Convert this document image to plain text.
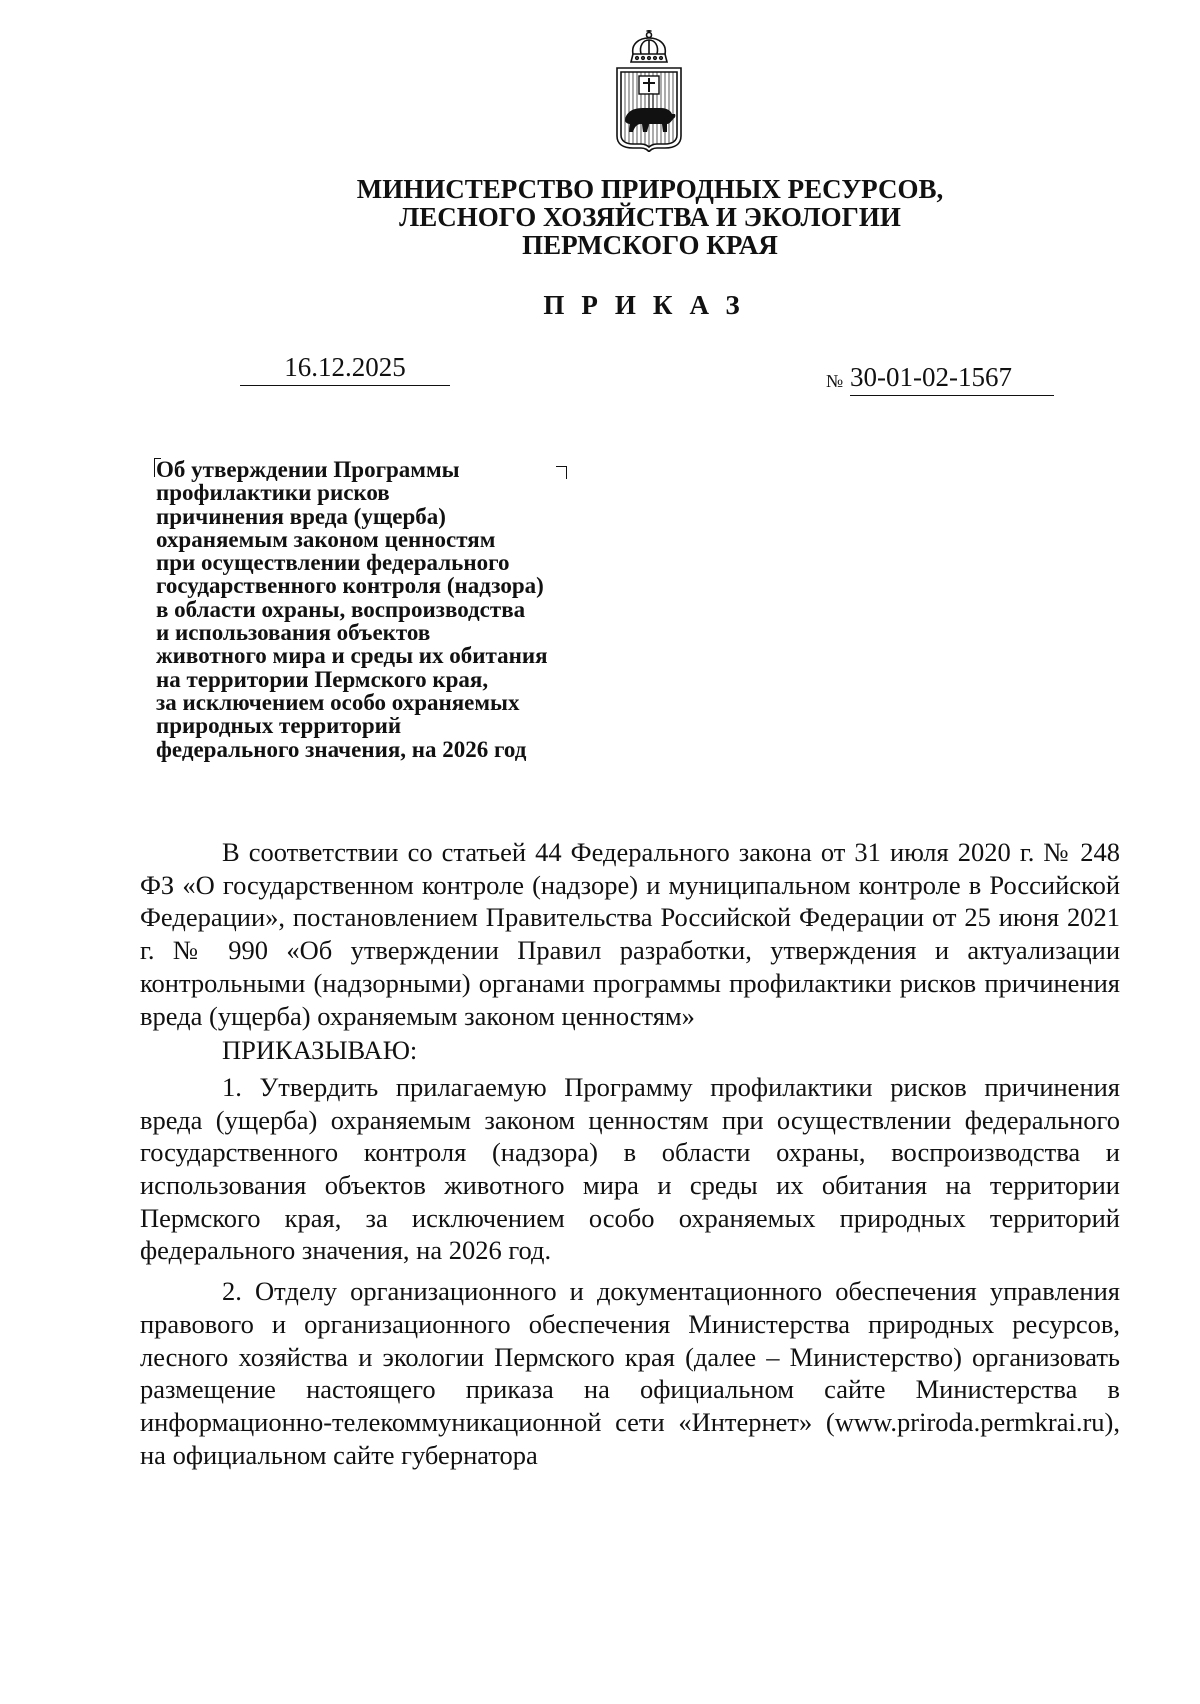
МИНИСТЕРСТВО ПРИРОДНЫХ РЕСУРСОВ,
ЛЕСНОГО ХОЗЯЙСТВА И ЭКОЛОГИИ
ПЕРМСКОГО КРАЯ
ПРИКАЗ
16.12.2025	№ 30-01-02-1567
Об утверждении Программы
профилактики рисков
причинения вреда (ущерба)
охраняемым законом ценностям
при осуществлении федерального
государственного контроля (надзора)
в области охраны, воспроизводства
и использования объектов
животного мира и среды их обитания
на территории Пермского края,
за исключением особо охраняемых
природных территорий
федерального значения, на 2026 год

В соответствии со статьей 44 Федерального закона от 31 июля 2020 г. № 248 ФЗ «О государственном контроле (надзоре) и муниципальном контроле в Российской Федерации», постановлением Правительства Российской Федерации от 25 июня 2021 г. № 990 «Об утверждении Правил разработки, утверждения и актуализации контрольными (надзорными) органами программы профилактики рисков причинения вреда (ущерба) охраняемым законом ценностям»

ПРИКАЗЫВАЮ:

1. Утвердить прилагаемую Программу профилактики рисков причинения вреда (ущерба) охраняемым законом ценностям при осуществлении федерального государственного контроля (надзора) в области охраны, воспроизводства и использования объектов животного мира и среды их обитания на территории Пермского края, за исключением особо охраняемых природных территорий федерального значения, на 2026 год.

2. Отделу организационного и документационного обеспечения управления правового и организационного обеспечения Министерства природных ресурсов, лесного хозяйства и экологии Пермского края (далее – Министерство) организовать размещение настоящего приказа на официальном сайте Министерства в информационно-телекоммуникационной сети «Интернет» (www.priroda.permkrai.ru), на официальном сайте губернатора
